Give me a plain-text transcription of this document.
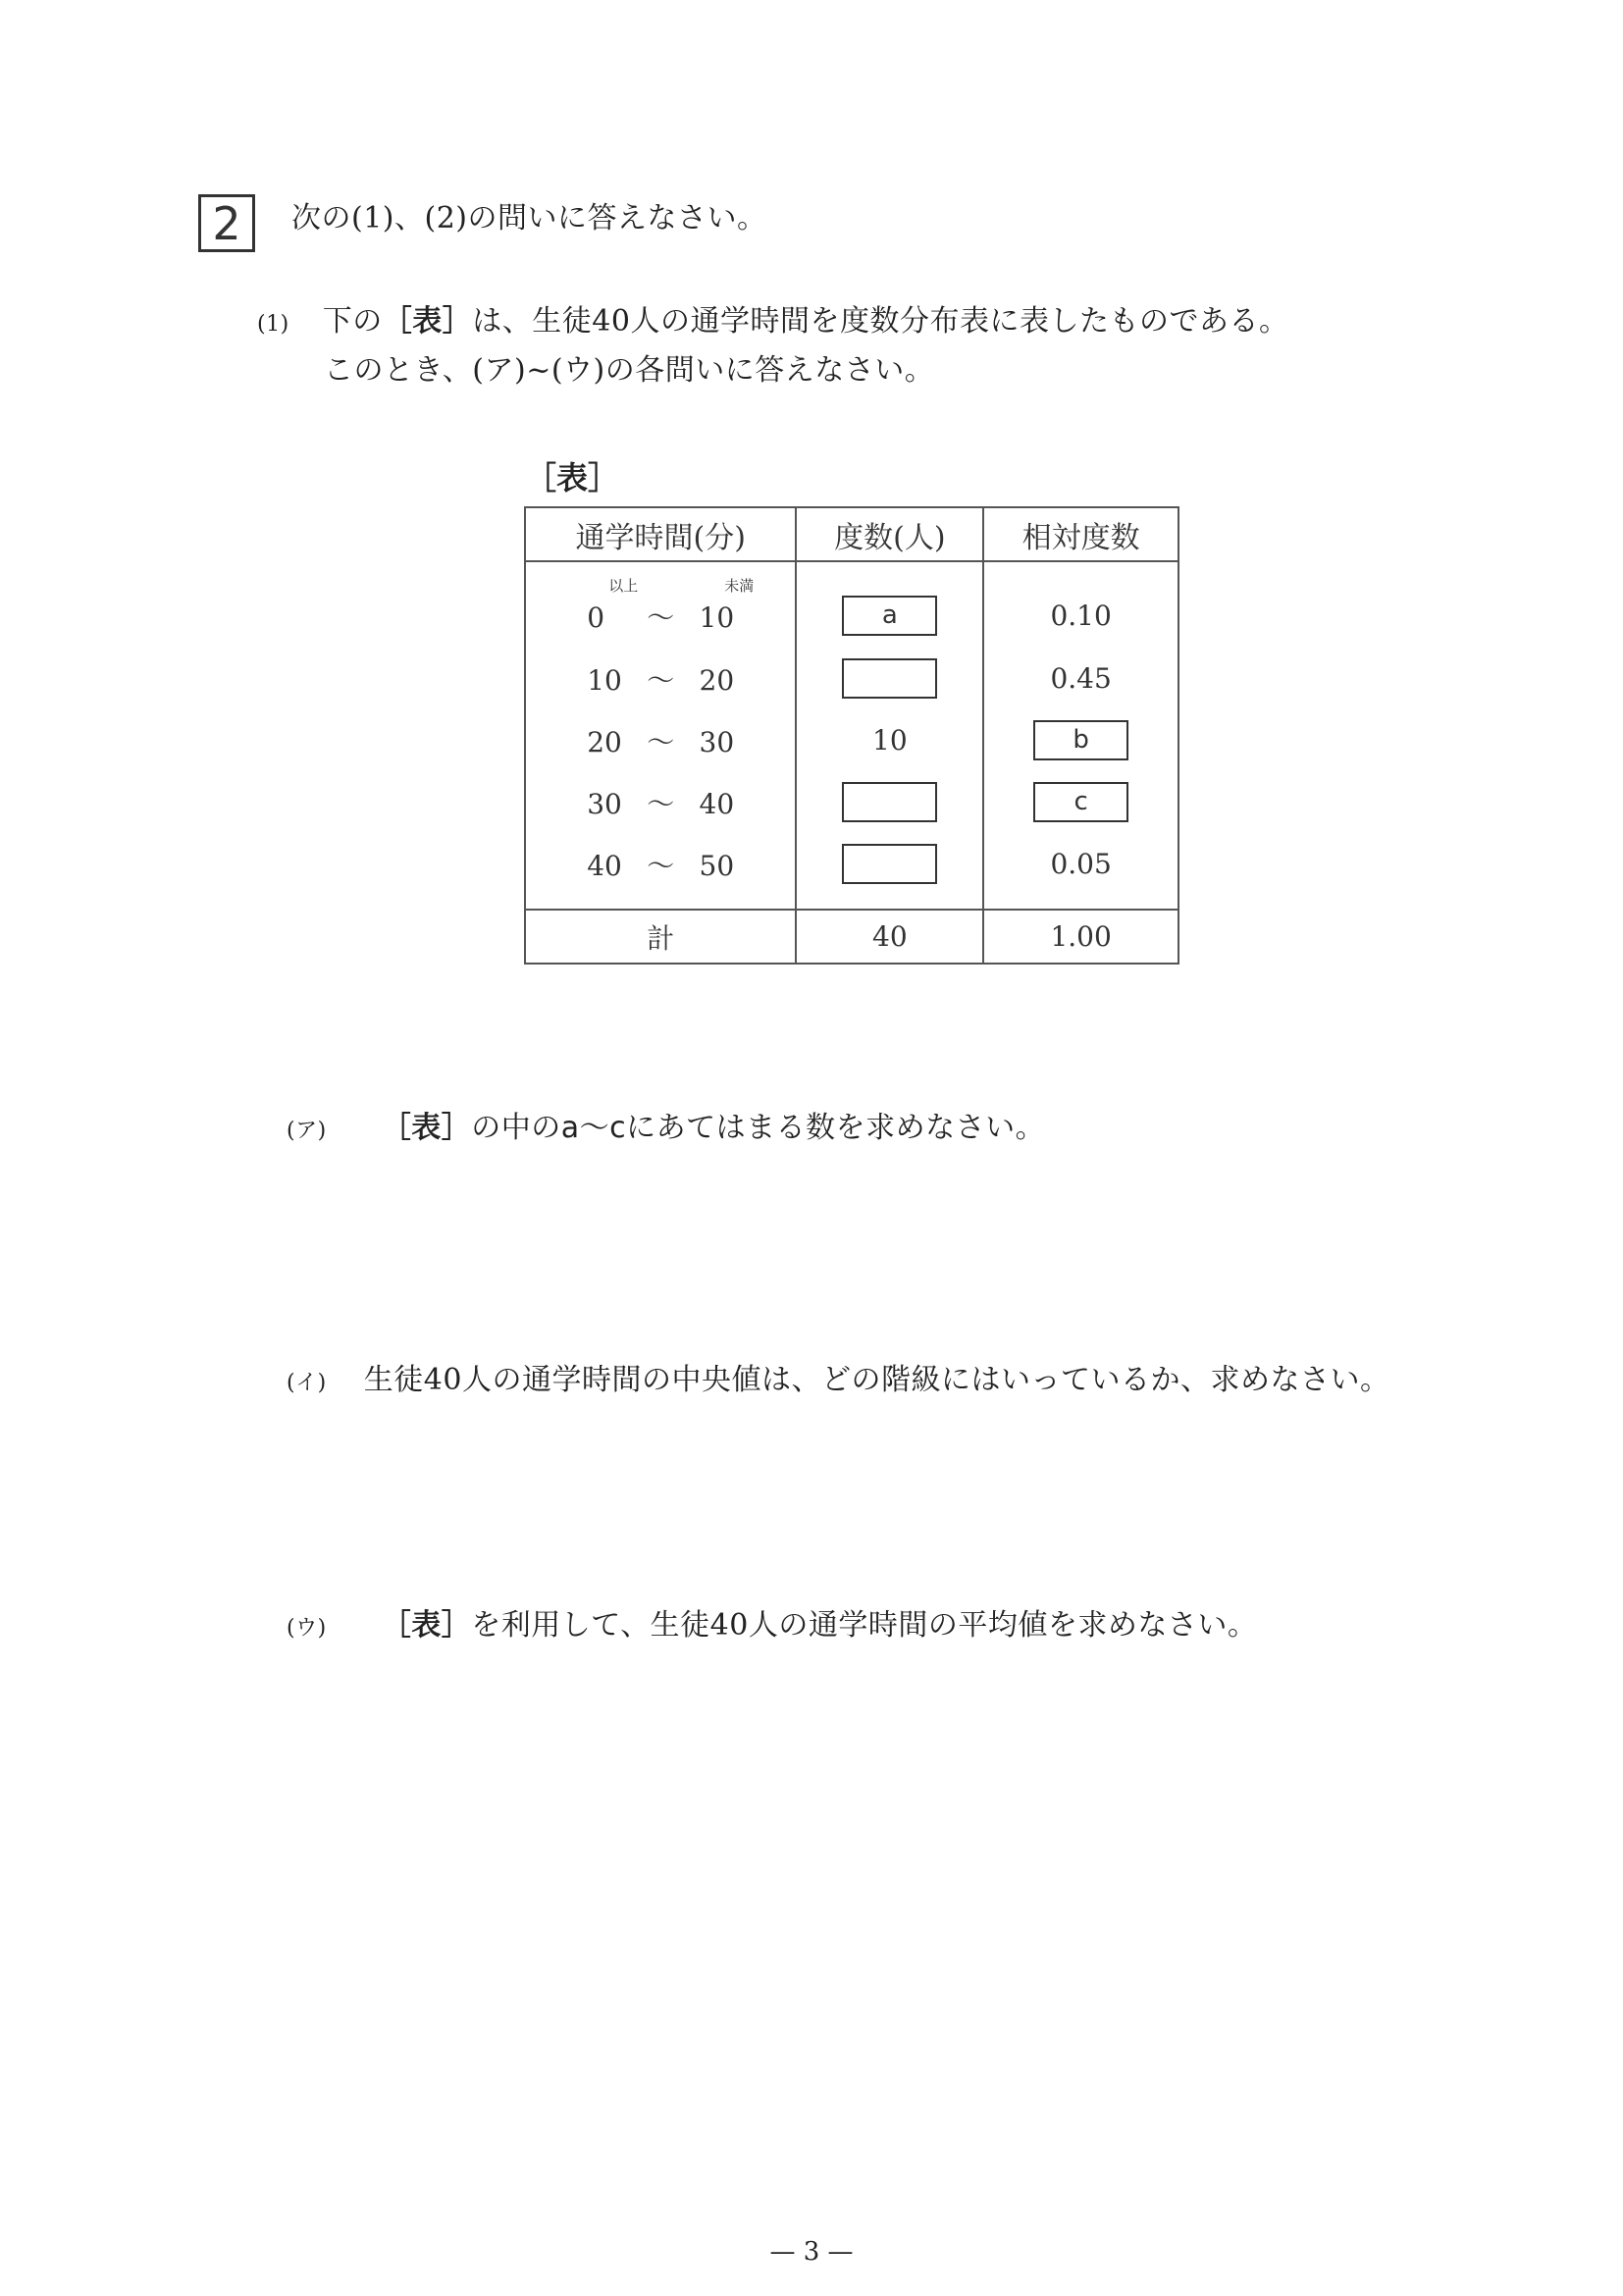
2 次の(1)、(2)の問いに答えなさい。
(1) 下の［表］は、生徒40人の通学時間を度数分布表に表したものである。
このとき、(ア)~(ウ)の各問いに答えなさい。
［表］
通学時間(分)	度数(人)	相対度数

以上 未満
0 ～ 10	a	0.10

10 ～ 20		0.45

20 ～ 30	10	b

30 ～ 40		c

40 ～ 50		0.05
計	40	1.00
(ア) ［表］の中のa～cにあてはまる数を求めなさい。
(イ) 生徒40人の通学時間の中央値は、どの階級にはいっているか、求めなさい。
(ウ) ［表］を利用して、生徒40人の通学時間の平均値を求めなさい。
— 3 —
